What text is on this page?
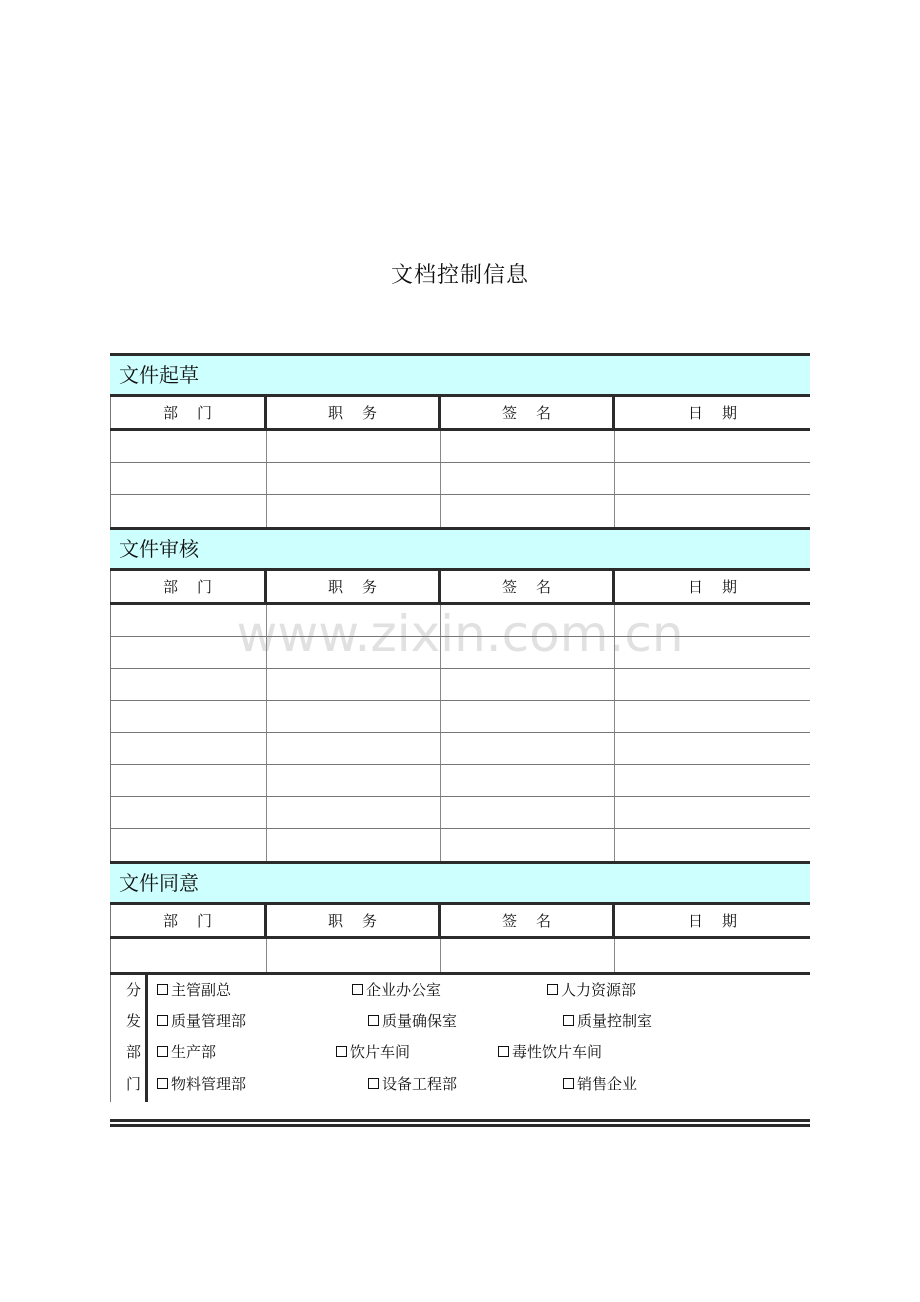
文档控制信息
www.zixin.com.cn
文件起草
部    门	职    务	签    名	日    期
文件审核
部    门	职    务	签    名	日    期
文件同意
部    门	职    务	签    名	日    期
分
发
部
门
主管副总	企业办公室	人力资源部
质量管理部	质量确保室	质量控制室
生产部	饮片车间	毒性饮片车间
物料管理部	设备工程部	销售企业
